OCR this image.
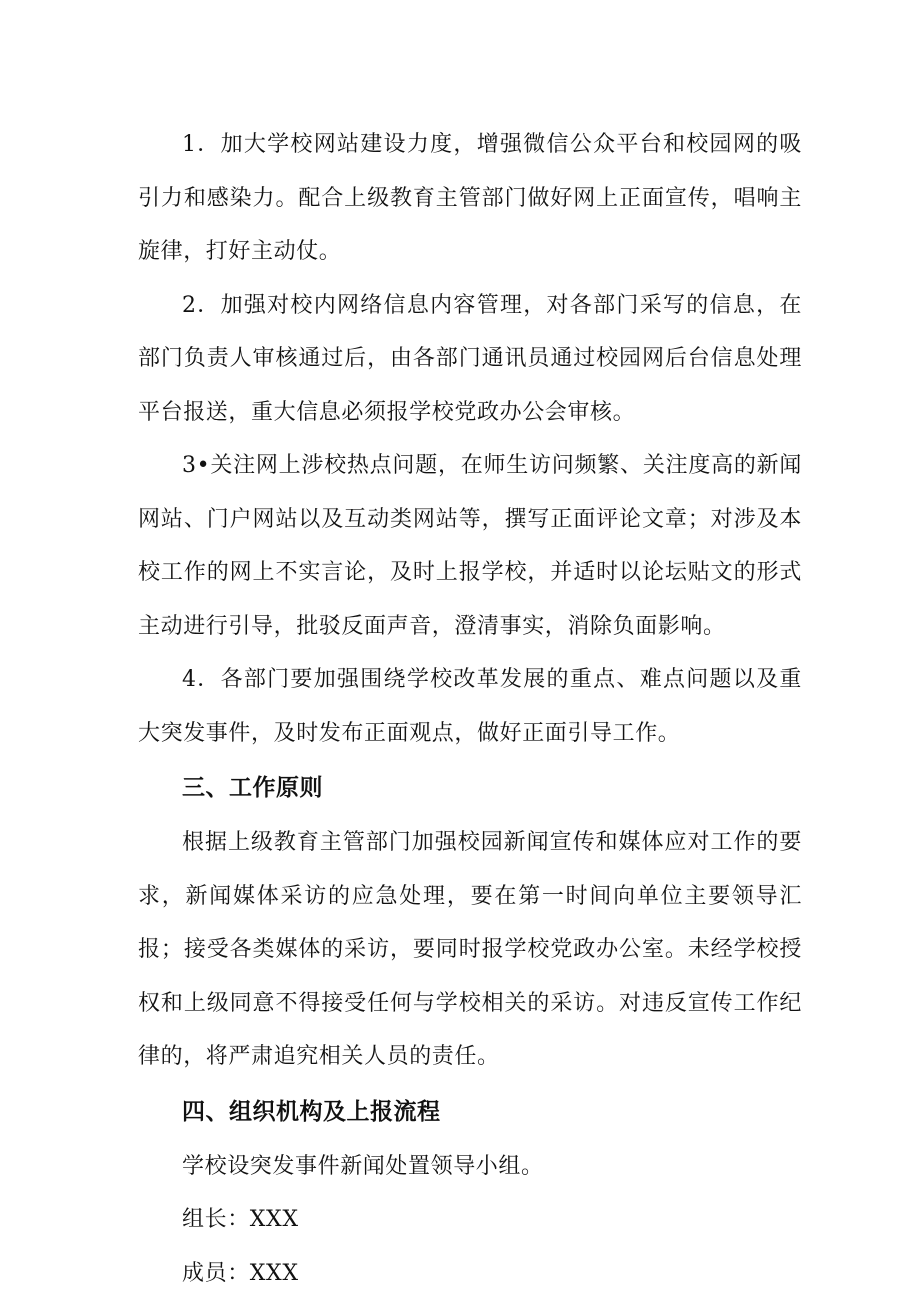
1．加大学校网站建设力度，增强微信公众平台和校园网的吸引力和感染力。配合上级教育主管部门做好网上正面宣传，唱响主旋律，打好主动仗。

2．加强对校内网络信息内容管理，对各部门采写的信息，在部门负责人审核通过后，由各部门通讯员通过校园网后台信息处理平台报送，重大信息必须报学校党政办公会审核。

3•关注网上涉校热点问题，在师生访问频繁、关注度高的新闻网站、门户网站以及互动类网站等，撰写正面评论文章；对涉及本校工作的网上不实言论，及时上报学校，并适时以论坛贴文的形式主动进行引导，批驳反面声音，澄清事实，消除负面影响。

4．各部门要加强围绕学校改革发展的重点、难点问题以及重大突发事件，及时发布正面观点，做好正面引导工作。

三、工作原则

根据上级教育主管部门加强校园新闻宣传和媒体应对工作的要求，新闻媒体采访的应急处理，要在第一时间向单位主要领导汇报；接受各类媒体的采访，要同时报学校党政办公室。未经学校授权和上级同意不得接受任何与学校相关的采访。对违反宣传工作纪律的，将严肃追究相关人员的责任。

四、组织机构及上报流程

学校设突发事件新闻处置领导小组。

组长：XXX

成员：XXX
